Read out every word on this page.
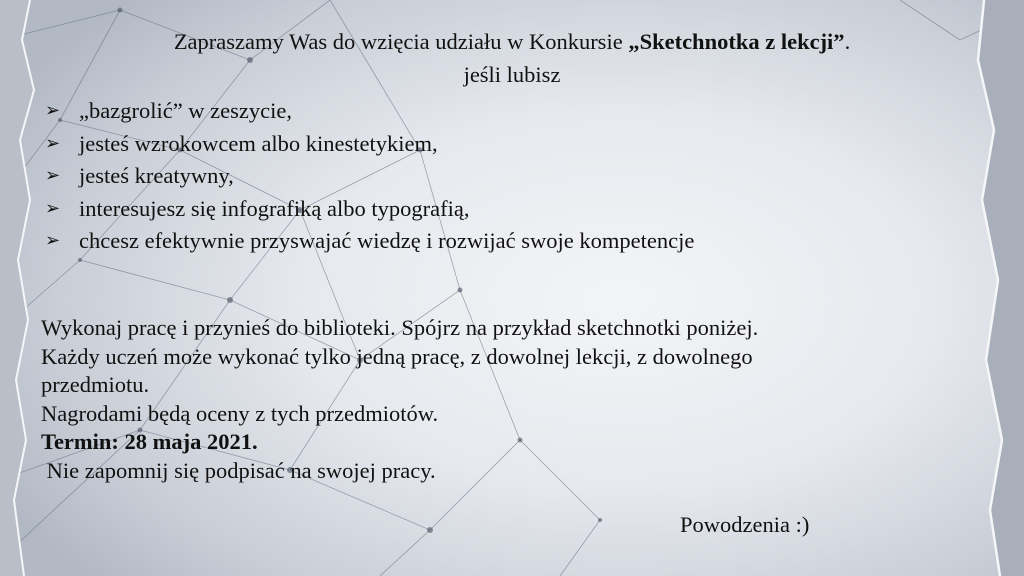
Zapraszamy Was do wzięcia udziału w Konkursie „Sketchnotka z lekcji”.
jeśli lubisz
➢ „bazgrolić” w zeszycie,
➢ jesteś wzrokowcem albo kinestetykiem,
➢ jesteś kreatywny,
➢ interesujesz się infografiką albo typografią,
➢ chcesz efektywnie przyswajać wiedzę i rozwijać swoje kompetencje
Wykonaj pracę i przynieś do biblioteki. Spójrz na przykład sketchnotki poniżej.
Każdy uczeń może wykonać tylko jedną pracę, z dowolnej lekcji, z dowolnego
przedmiotu.
Nagrodami będą oceny z tych przedmiotów.
Termin: 28 maja 2021.
Nie zapomnij się podpisać na swojej pracy.
Powodzenia :)
